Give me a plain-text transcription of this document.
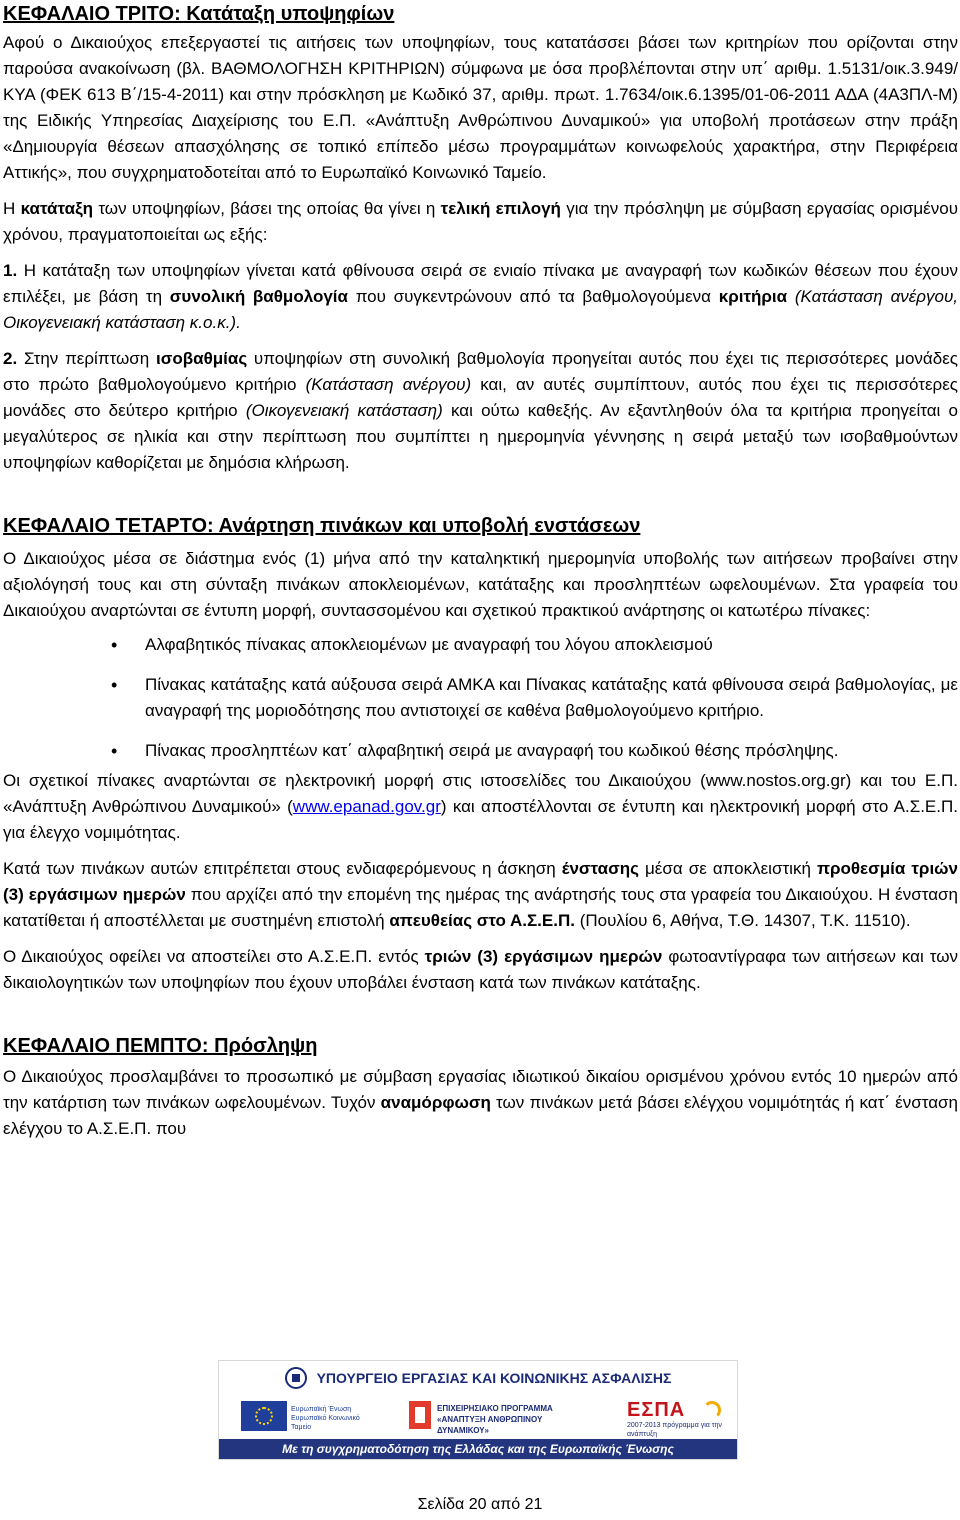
ΚΕΦΑΛΑΙΟ ΤΡΙΤΟ: Κατάταξη υποψηφίων

Αφού ο Δικαιούχος επεξεργαστεί τις αιτήσεις των υποψηφίων, τους κατατάσσει βάσει των κριτηρίων που ορίζονται στην παρούσα ανακοίνωση (βλ. ΒΑΘΜΟΛΟΓΗΣΗ ΚΡΙΤΗΡΙΩΝ) σύμφωνα με όσα προβλέπονται στην υπ΄ αριθμ. 1.5131/οικ.3.949/ΚΥΑ (ΦΕΚ 613 Β΄/15-4-2011) και στην πρόσκληση με Κωδικό 37, αριθμ. πρωτ. 1.7634/οικ.6.1395/01-06-2011 ΑΔΑ (4Α3ΠΛ-Μ) της Ειδικής Υπηρεσίας Διαχείρισης του Ε.Π. «Ανάπτυξη Ανθρώπινου Δυναμικού» για υποβολή προτάσεων στην πράξη «Δημιουργία θέσεων απασχόλησης σε τοπικό επίπεδο μέσω προγραμμάτων κοινωφελούς χαρακτήρα, στην Περιφέρεια Αττικής», που συγχρηματοδοτείται από το Ευρωπαϊκό Κοινωνικό Ταμείο.

Η κατάταξη των υποψηφίων, βάσει της οποίας θα γίνει η τελική επιλογή για την πρόσληψη με σύμβαση εργασίας ορισμένου χρόνου, πραγματοποιείται ως εξής:

1. Η κατάταξη των υποψηφίων γίνεται κατά φθίνουσα σειρά σε ενιαίο πίνακα με αναγραφή των κωδικών θέσεων που έχουν επιλέξει, με βάση τη συνολική βαθμολογία που συγκεντρώνουν από τα βαθμολογούμενα κριτήρια (Κατάσταση ανέργου, Οικογενειακή κατάσταση κ.ο.κ.).

2. Στην περίπτωση ισοβαθμίας υποψηφίων στη συνολική βαθμολογία προηγείται αυτός που έχει τις περισσότερες μονάδες στο πρώτο βαθμολογούμενο κριτήριο (Κατάσταση ανέργου) και, αν αυτές συμπίπτουν, αυτός που έχει τις περισσότερες μονάδες στο δεύτερο κριτήριο (Οικογενειακή κατάσταση) και ούτω καθεξής. Αν εξαντληθούν όλα τα κριτήρια προηγείται ο μεγαλύτερος σε ηλικία και στην περίπτωση που συμπίπτει η ημερομηνία γέννησης η σειρά μεταξύ των ισοβαθμούντων υποψηφίων καθορίζεται με δημόσια κλήρωση.

ΚΕΦΑΛΑΙΟ ΤΕΤΑΡΤΟ: Ανάρτηση πινάκων και υποβολή ενστάσεων

Ο Δικαιούχος μέσα σε διάστημα ενός (1) μήνα από την καταληκτική ημερομηνία υποβολής των αιτήσεων προβαίνει στην αξιολόγησή τους και στη σύνταξη πινάκων αποκλειομένων, κατάταξης και προσληπτέων ωφελουμένων. Στα γραφεία του Δικαιούχου αναρτώνται σε έντυπη μορφή, συντασσομένου και σχετικού πρακτικού ανάρτησης οι κατωτέρω πίνακες:

• Αλφαβητικός πίνακας αποκλειομένων με αναγραφή του λόγου αποκλεισμού
• Πίνακας κατάταξης κατά αύξουσα σειρά ΑΜΚΑ και Πίνακας κατάταξης κατά φθίνουσα σειρά βαθμολογίας, με αναγραφή της μοριοδότησης που αντιστοιχεί σε καθένα βαθμολογούμενο κριτήριο.
• Πίνακας προσληπτέων κατ΄ αλφαβητική σειρά με αναγραφή του κωδικού θέσης πρόσληψης.

Οι σχετικοί πίνακες αναρτώνται σε ηλεκτρονική μορφή στις ιστοσελίδες του Δικαιούχου (www.nostos.org.gr) και του Ε.Π. «Ανάπτυξη Ανθρώπινου Δυναμικού» (www.epanad.gov.gr) και αποστέλλονται σε έντυπη και ηλεκτρονική μορφή στο Α.Σ.Ε.Π. για έλεγχο νομιμότητας.

Κατά των πινάκων αυτών επιτρέπεται στους ενδιαφερόμενους η άσκηση ένστασης μέσα σε αποκλειστική προθεσμία τριών (3) εργάσιμων ημερών που αρχίζει από την επομένη της ημέρας της ανάρτησής τους στα γραφεία του Δικαιούχου. Η ένσταση κατατίθεται ή αποστέλλεται με συστημένη επιστολή απευθείας στο Α.Σ.Ε.Π. (Πουλίου 6, Αθήνα, Τ.Θ. 14307, Τ.Κ. 11510).

Ο Δικαιούχος οφείλει να αποστείλει στο Α.Σ.Ε.Π. εντός τριών (3) εργάσιμων ημερών φωτοαντίγραφα των αιτήσεων και των δικαιολογητικών των υποψηφίων που έχουν υποβάλει ένσταση κατά των πινάκων κατάταξης.

ΚΕΦΑΛΑΙΟ ΠΕΜΠΤΟ: Πρόσληψη

Ο Δικαιούχος προσλαμβάνει το προσωπικό με σύμβαση εργασίας ιδιωτικού δικαίου ορισμένου χρόνου εντός 10 ημερών από την κατάρτιση των πινάκων ωφελουμένων. Τυχόν αναμόρφωση των πινάκων μετά βάσει ελέγχου νομιμότητάς ή κατ΄ ένσταση ελέγχου το Α.Σ.Ε.Π. που

ΥΠΟΥΡΓΕΙΟ ΕΡΓΑΣΙΑΣ ΚΑΙ ΚΟΙΝΩΝΙΚΗΣ ΑΣΦΑΛΙΣΗΣ
Ευρωπαϊκή Ένωση Ευρωπαϊκό Κοινωνικό Ταμείο
ΕΠΙΧΕΙΡΗΣΙΑΚΟ ΠΡΟΓΡΑΜΜΑ «ΑΝΑΠΤΥΞΗ ΑΝΘΡΩΠΙΝΟΥ ΔΥΝΑΜΙΚΟΥ»
ΕΣΠΑ
2007-2013 πρόγραμμα για την ανάπτυξη
Με τη συγχρηματοδότηση της Ελλάδας και της Ευρωπαϊκής Ένωσης
Σελίδα 20 από 21
